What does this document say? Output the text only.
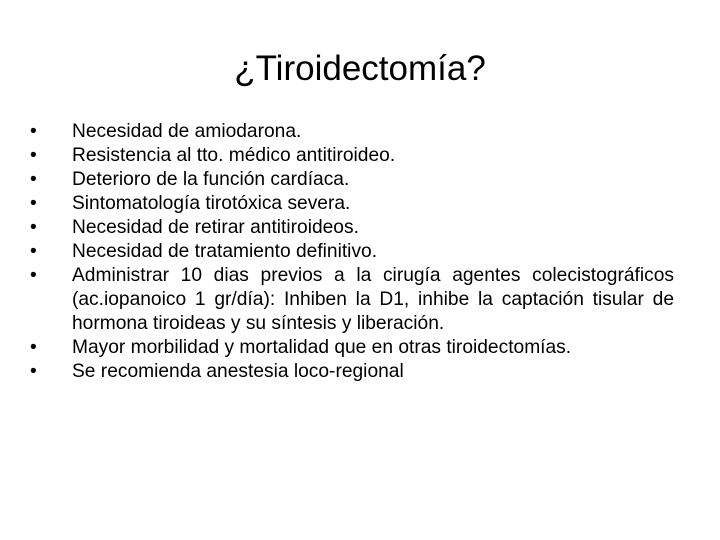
¿Tiroidectomía?
•	Necesidad de amiodarona.
•	Resistencia al tto. médico antitiroideo.
•	Deterioro de la función cardíaca.
•	Sintomatología tirotóxica severa.
•	Necesidad de retirar antitiroideos.
•	Necesidad de tratamiento definitivo.
•	Administrar 10 dias previos a la cirugía agentes colecistográficos (ac.iopanoico 1 gr/día): Inhiben la D1, inhibe la captación tisular de hormona tiroideas y su síntesis y liberación.
•	Mayor morbilidad y mortalidad que en otras tiroidectomías.
•	Se recomienda anestesia loco-regional
